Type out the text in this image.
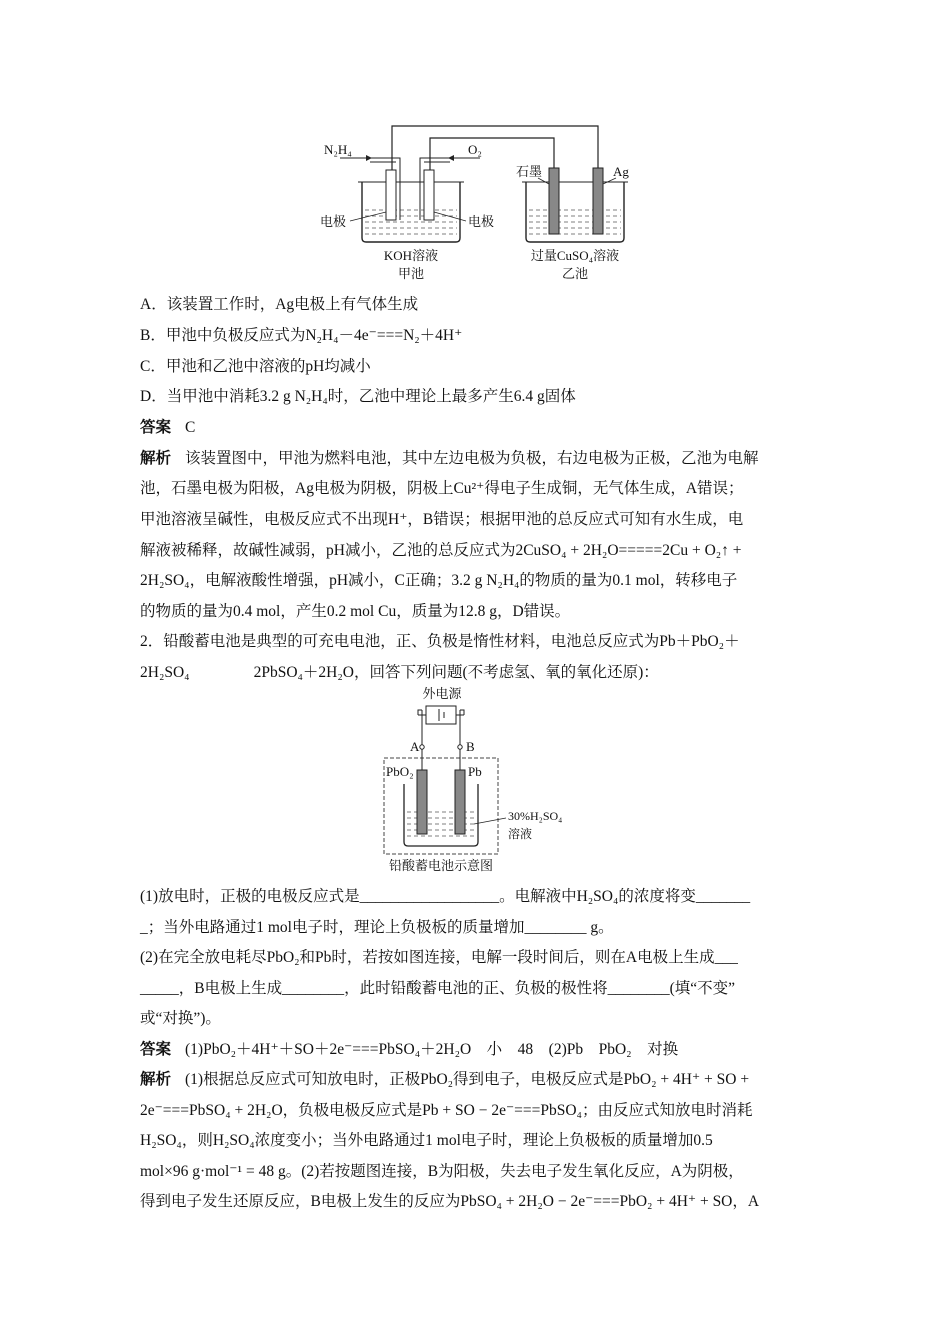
N₂H₄	O₂
石墨	Ag
电极	电极
KOH溶液
甲池
过量CuSO₄溶液
乙池
A．该装置工作时，Ag电极上有气体生成
B．甲池中负极反应式为N₂H₄－4e⁻===N₂＋4H⁺
C．甲池和乙池中溶液的pH均减小
D．当甲池中消耗3.2 g N₂H₄时，乙池中理论上最多产生6.4 g固体
答案 C
解析 该装置图中，甲池为燃料电池，其中左边电极为负极，右边电极为正极，乙池为电解
池，石墨电极为阳极，Ag电极为阴极，阴极上Cu²⁺得电子生成铜，无气体生成，A错误；
甲池溶液呈碱性，电极反应式不出现H⁺，B错误；根据甲池的总反应式可知有水生成，电
解液被稀释，故碱性减弱，pH减小，乙池的总反应式为2CuSO₄ + 2H₂O=====2Cu + O₂↑ +
2H₂SO₄，电解液酸性增强，pH减小，C正确；3.2 g N₂H₄的物质的量为0.1 mol，转移电子
的物质的量为0.4 mol，产生0.2 mol Cu，质量为12.8 g，D错误。
2．铅酸蓄电池是典型的可充电电池，正、负极是惰性材料，电池总反应式为Pb＋PbO₂＋
2H₂SO₄	2PbSO₄＋2H₂O，回答下列问题(不考虑氢、氧的氧化还原)：
外电源
A	B
PbO₂	Pb
30%H₂SO₄
溶液
铅酸蓄电池示意图
(1)放电时，正极的电极反应式是__________________。电解液中H₂SO₄的浓度将变_______
_；当外电路通过1 mol电子时，理论上负极板的质量增加________ g。
(2)在完全放电耗尽PbO₂和Pb时，若按如图连接，电解一段时间后，则在A电极上生成___
_____，B电极上生成________，此时铅酸蓄电池的正、负极的极性将________(填“不变”
或“对换”)。
答案 (1)PbO₂＋4H⁺＋SO＋2e⁻===PbSO₄＋2H₂O　小　48　(2)Pb　PbO₂　对换
解析 (1)根据总反应式可知放电时，正极PbO₂得到电子，电极反应式是PbO₂ + 4H⁺ + SO +
2e⁻===PbSO₄ + 2H₂O，负极电极反应式是Pb + SO − 2e⁻===PbSO₄；由反应式知放电时消耗
H₂SO₄，则H₂SO₄浓度变小；当外电路通过1 mol电子时，理论上负极板的质量增加0.5
mol×96 g·mol⁻¹ = 48 g。(2)若按题图连接，B为阳极，失去电子发生氧化反应，A为阴极，
得到电子发生还原反应，B电极上发生的反应为PbSO₄ + 2H₂O − 2e⁻===PbO₂ + 4H⁺ + SO，A
